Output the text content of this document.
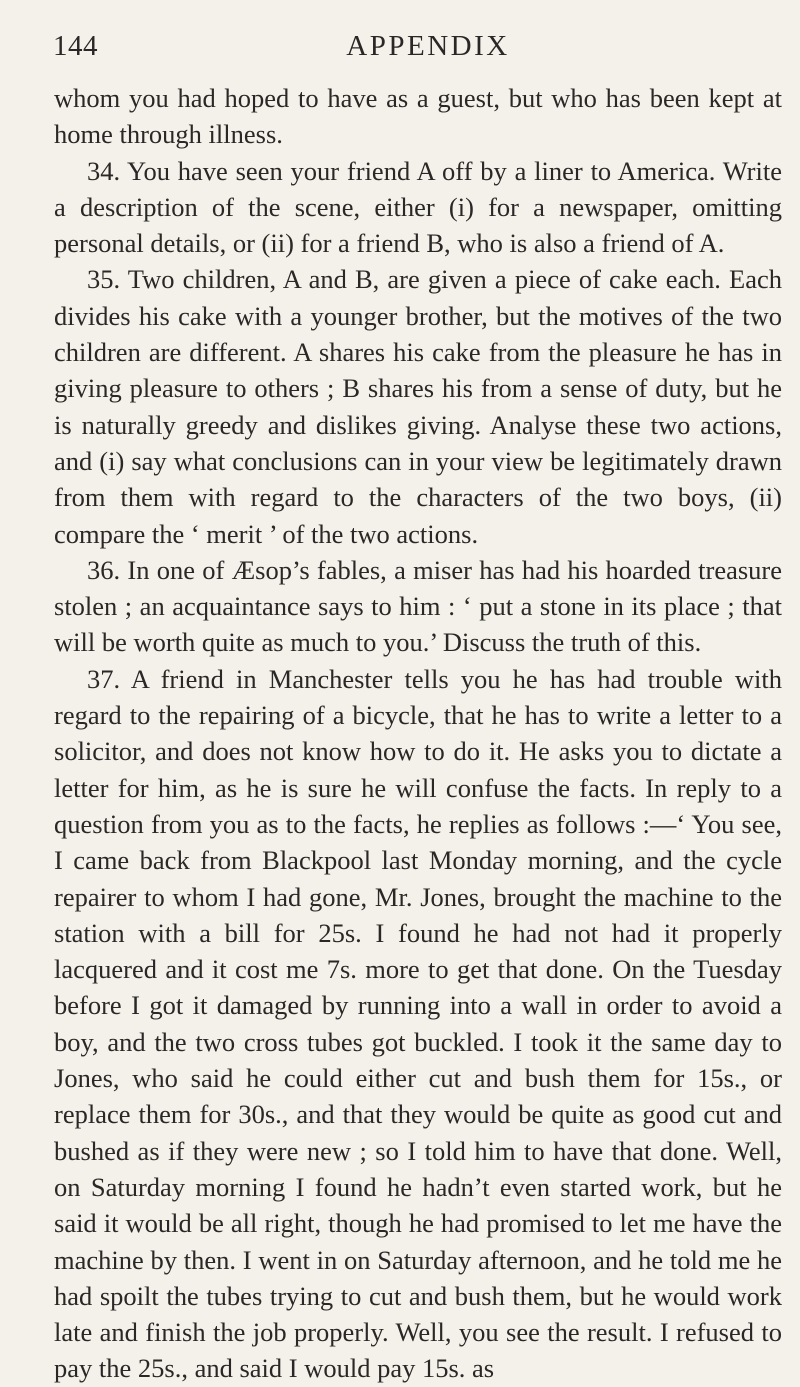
144	APPENDIX

whom you had hoped to have as a guest, but who has been kept at home through illness.

34. You have seen your friend A off by a liner to America. Write a description of the scene, either (i) for a newspaper, omitting personal details, or (ii) for a friend B, who is also a friend of A.

35. Two children, A and B, are given a piece of cake each. Each divides his cake with a younger brother, but the motives of the two children are different. A shares his cake from the pleasure he has in giving pleasure to others ; B shares his from a sense of duty, but he is naturally greedy and dislikes giving. Analyse these two actions, and (i) say what conclusions can in your view be legitimately drawn from them with regard to the characters of the two boys, (ii) compare the ‘ merit ’ of the two actions.

36. In one of Æsop’s fables, a miser has had his hoarded treasure stolen ; an acquaintance says to him : ‘ put a stone in its place ; that will be worth quite as much to you.’ Discuss the truth of this.

37. A friend in Manchester tells you he has had trouble with regard to the repairing of a bicycle, that he has to write a letter to a solicitor, and does not know how to do it. He asks you to dictate a letter for him, as he is sure he will confuse the facts. In reply to a question from you as to the facts, he replies as follows :—‘ You see, I came back from Blackpool last Monday morning, and the cycle repairer to whom I had gone, Mr. Jones, brought the machine to the station with a bill for 25s. I found he had not had it properly lacquered and it cost me 7s. more to get that done. On the Tuesday before I got it damaged by running into a wall in order to avoid a boy, and the two cross tubes got buckled. I took it the same day to Jones, who said he could either cut and bush them for 15s., or replace them for 30s., and that they would be quite as good cut and bushed as if they were new ; so I told him to have that done. Well, on Saturday morning I found he hadn’t even started work, but he said it would be all right, though he had promised to let me have the machine by then. I went in on Saturday afternoon, and he told me he had spoilt the tubes trying to cut and bush them, but he would work late and finish the job properly. Well, you see the result. I refused to pay the 25s., and said I would pay 15s. as
